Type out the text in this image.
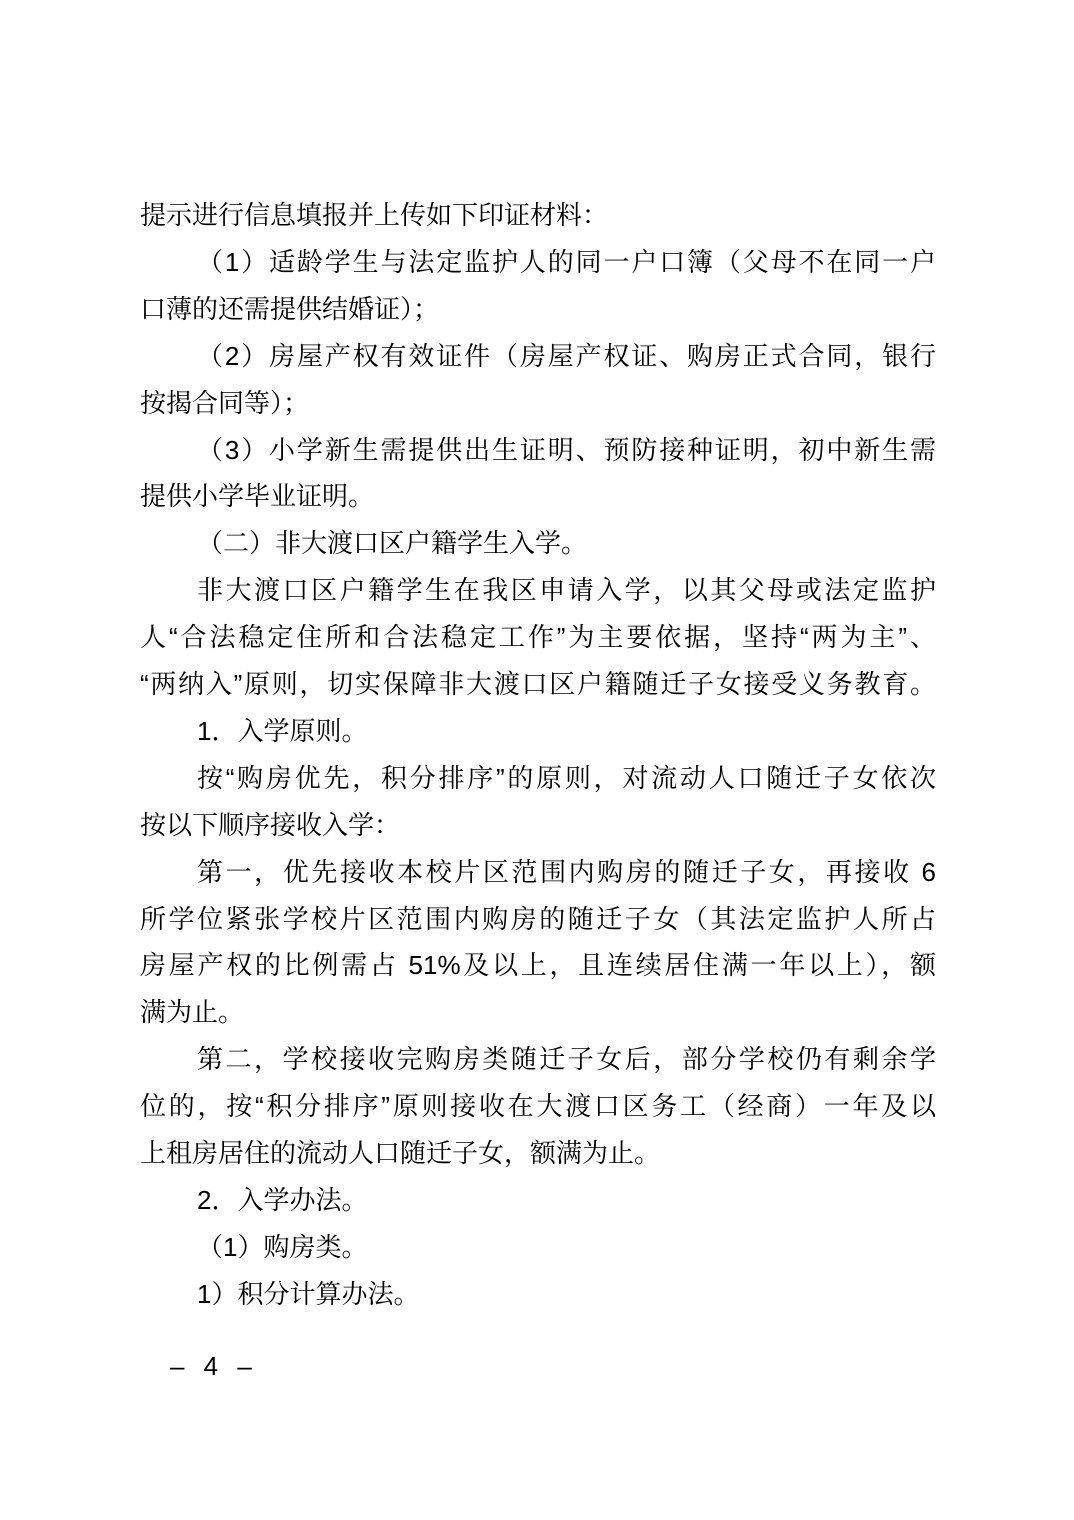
提示进行信息填报并上传如下印证材料：
（1）适龄学生与法定监护人的同一户口簿（父母不在同一户
口薄的还需提供结婚证）；
（2）房屋产权有效证件（房屋产权证、购房正式合同，银行
按揭合同等）；
（3）小学新生需提供出生证明、预防接种证明，初中新生需
提供小学毕业证明。
（二）非大渡口区户籍学生入学。
非大渡口区户籍学生在我区申请入学，以其父母或法定监护
人“合法稳定住所和合法稳定工作”为主要依据，坚持“两为主”、
“两纳入”原则，切实保障非大渡口区户籍随迁子女接受义务教育。
1．入学原则。
按“购房优先，积分排序”的原则，对流动人口随迁子女依次
按以下顺序接收入学：
第一，优先接收本校片区范围内购房的随迁子女，再接收 6
所学位紧张学校片区范围内购房的随迁子女（其法定监护人所占
房屋产权的比例需占 51%及以上，且连续居住满一年以上），额
满为止。
第二，学校接收完购房类随迁子女后，部分学校仍有剩余学
位的，按“积分排序”原则接收在大渡口区务工（经商）一年及以
上租房居住的流动人口随迁子女，额满为止。
2．入学办法。
（1）购房类。
1）积分计算办法。
– 4 –
